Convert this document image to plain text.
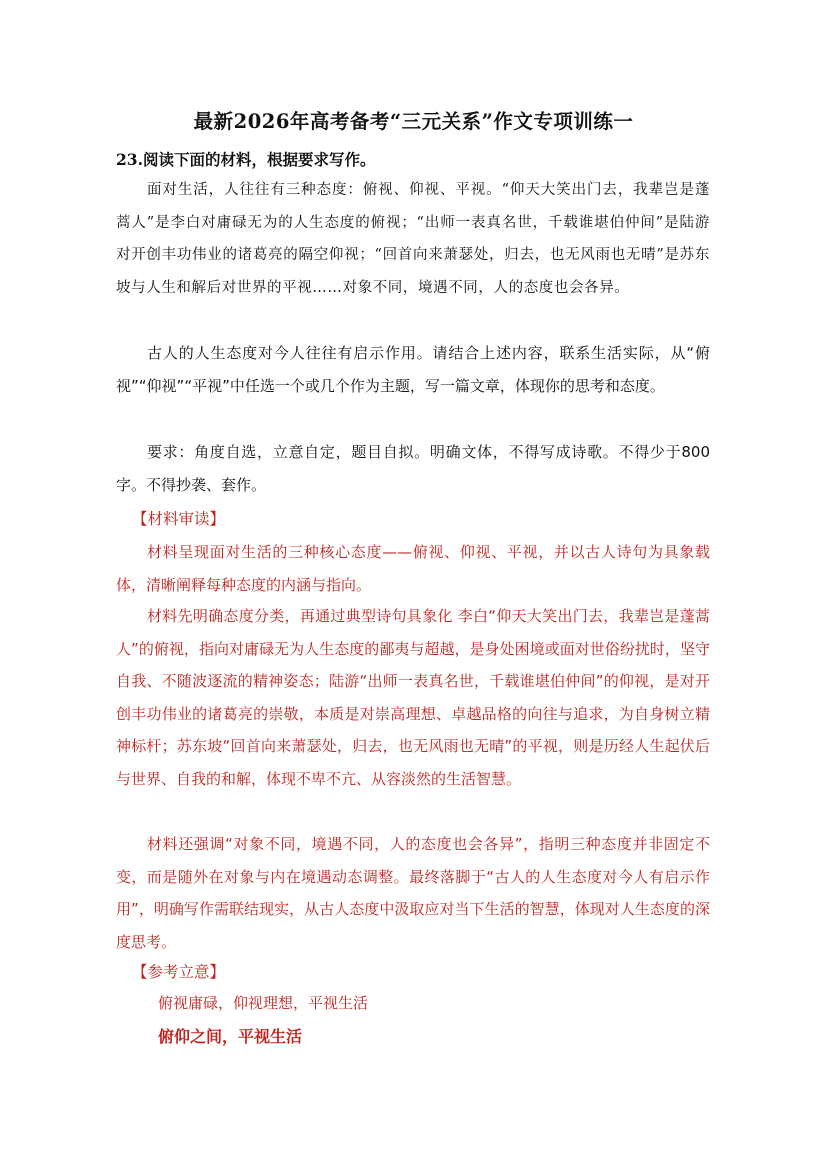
最新2026年高考备考“三元关系”作文专项训练一
23.阅读下面的材料，根据要求写作。

面对生活，人往往有三种态度：俯视、仰视、平视。“仰天大笑出门去，我辈岂是蓬蒿人”是李白对庸碌无为的人生态度的俯视；“出师一表真名世，千载谁堪伯仲间”是陆游对开创丰功伟业的诸葛亮的隔空仰视；“回首向来萧瑟处，归去，也无风雨也无晴”是苏东坡与人生和解后对世界的平视……对象不同，境遇不同，人的态度也会各异。

古人的人生态度对今人往往有启示作用。请结合上述内容，联系生活实际，从“俯视”“仰视”“平视”中任选一个或几个作为主题，写一篇文章，体现你的思考和态度。

要求：角度自选，立意自定，题目自拟。明确文体，不得写成诗歌。不得少于800字。不得抄袭、套作。

【材料审读】

材料呈现面对生活的三种核心态度——俯视、仰视、平视，并以古人诗句为具象载体，清晰阐释每种态度的内涵与指向。

材料先明确态度分类，再通过典型诗句具象化 李白“仰天大笑出门去，我辈岂是蓬蒿人”的俯视，指向对庸碌无为人生态度的鄙夷与超越，是身处困境或面对世俗纷扰时，坚守自我、不随波逐流的精神姿态；陆游“出师一表真名世，千载谁堪伯仲间”的仰视，是对开创丰功伟业的诸葛亮的崇敬，本质是对崇高理想、卓越品格的向往与追求，为自身树立精神标杆；苏东坡“回首向来萧瑟处，归去，也无风雨也无晴”的平视，则是历经人生起伏后与世界、自我的和解，体现不卑不亢、从容淡然的生活智慧。

材料还强调“对象不同，境遇不同，人的态度也会各异”，指明三种态度并非固定不变，而是随外在对象与内在境遇动态调整。最终落脚于“古人的人生态度对今人有启示作用”，明确写作需联结现实，从古人态度中汲取应对当下生活的智慧，体现对人生态度的深度思考。

【参考立意】
俯视庸碌，仰视理想，平视生活
俯仰之间，平视生活
